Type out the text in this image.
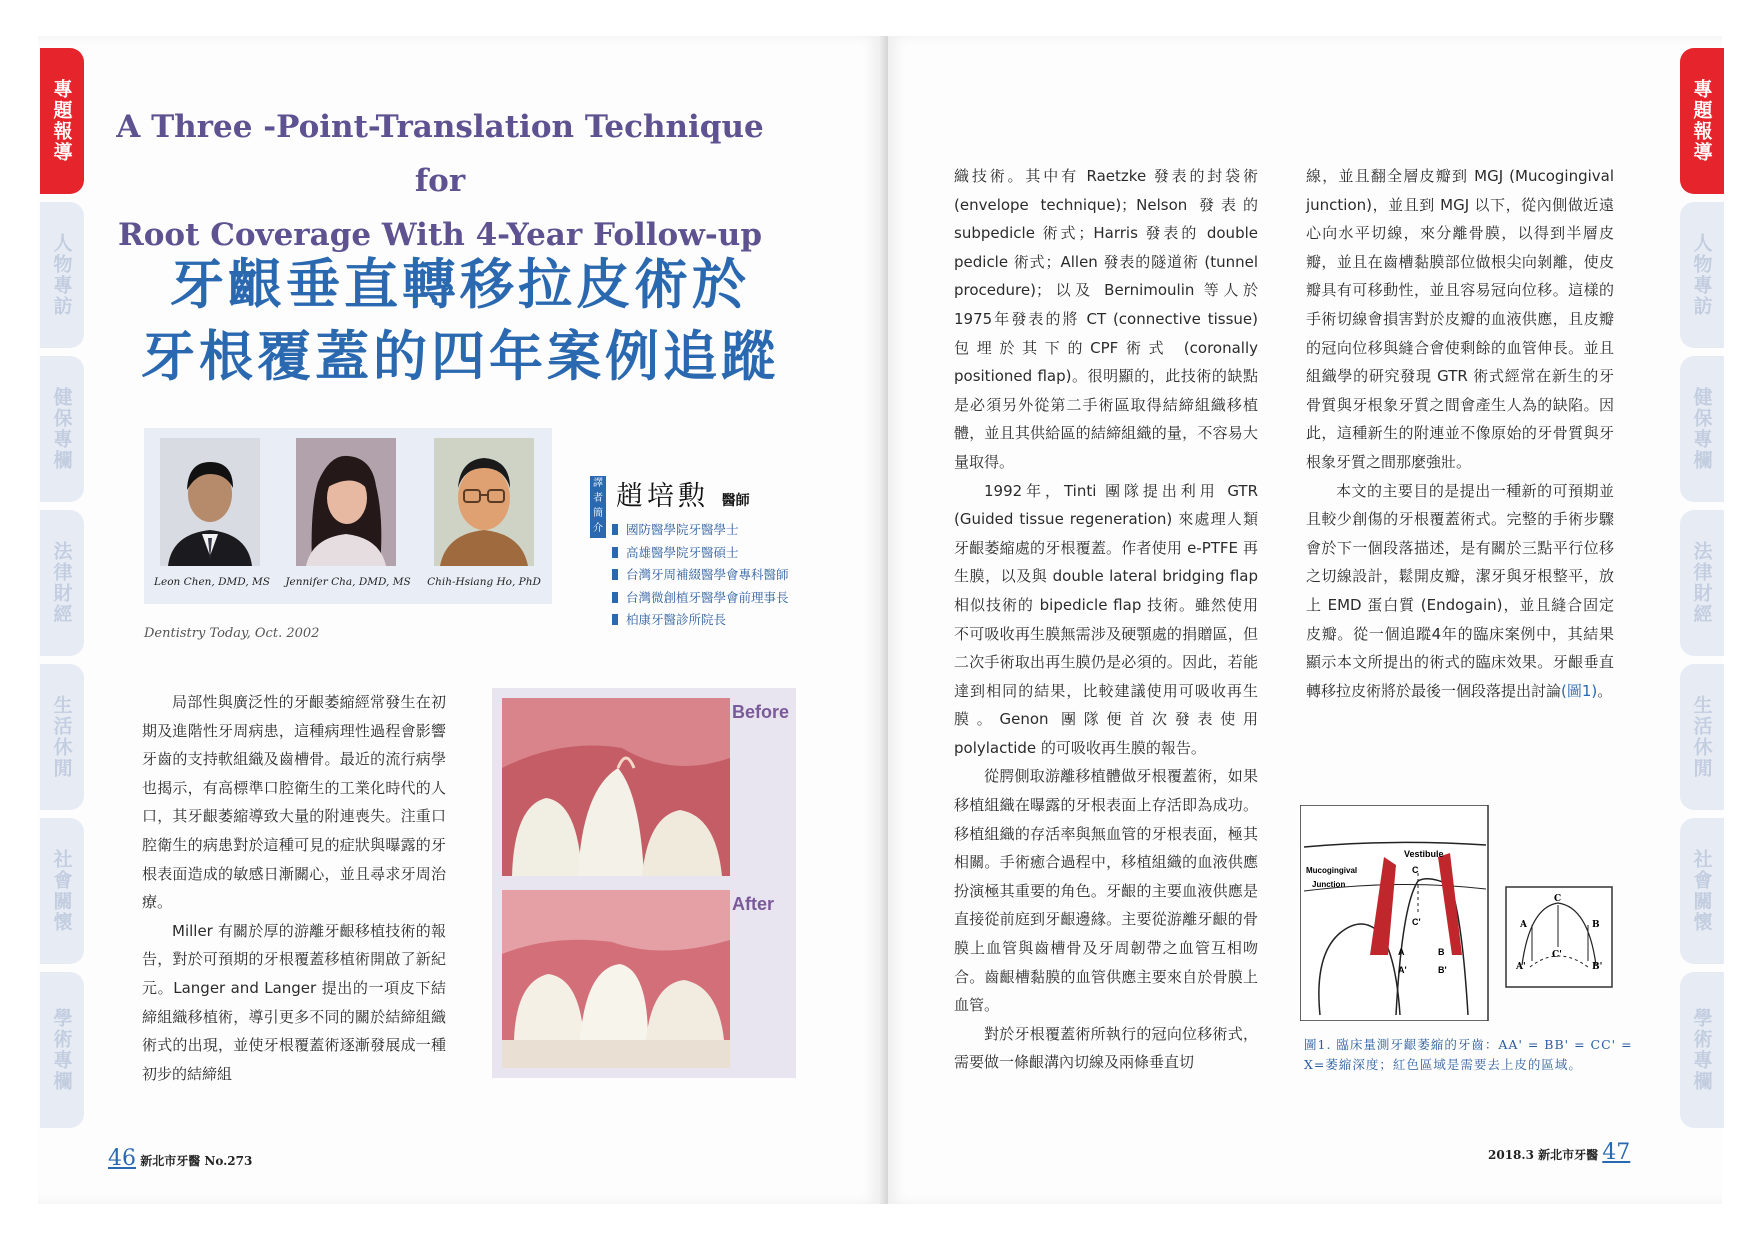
專題報導
人物專訪
健保專欄
法律財經
生活休閒
社會關懷
學術專欄
A Three -Point-Translation Technique for
Root Coverage With 4-Year Follow-up
牙齦垂直轉移拉皮術於
牙根覆蓋的四年案例追蹤
Leon Chen, DMD, MS	Jennifer Cha, DMD, MS	Chih-Hsiang Ho, PhD
Dentistry Today, Oct. 2002
譯者簡介
趙培勲 醫師
國防醫學院牙醫學士
高雄醫學院牙醫碩士
台灣牙周補綴醫學會專科醫師
台灣微創植牙醫學會前理事長
柏康牙醫診所院長

局部性與廣泛性的牙齦萎縮經常發生在初期及進階性牙周病患，這種病理性過程會影響牙齒的支持軟組織及齒槽骨。最近的流行病學也揭示，有高標準口腔衛生的工業化時代的人口，其牙齦萎縮導致大量的附連喪失。注重口腔衛生的病患對於這種可見的症狀與曝露的牙根表面造成的敏感日漸關心，並且尋求牙周治療。

Miller 有關於厚的游離牙齦移植技術的報告，對於可預期的牙根覆蓋移植術開啟了新紀元。Langer and Langer 提出的一項皮下結締組織移植術，導引更多不同的關於結締組織術式的出現，並使牙根覆蓋術逐漸發展成一種初步的結締組

Before
After
46 新北市牙醫 No.273
專題報導
人物專訪
健保專欄
法律財經
生活休閒
社會關懷
學術專欄

織技術。其中有 Raetzke 發表的封袋術 (envelope technique)；Nelson 發表的 subpedicle 術式；Harris 發表的 double pedicle 術式；Allen 發表的隧道術 (tunnel procedure)；以及 Bernimoulin 等人於1975年發表的將 CT (connective tissue) 包埋於其下的CPF術式 (coronally positioned flap)。很明顯的，此技術的缺點是必須另外從第二手術區取得結締組織移植體，並且其供給區的結締組織的量，不容易大量取得。

1992年，Tinti 團隊提出利用 GTR (Guided tissue regeneration) 來處理人類牙齦萎縮處的牙根覆蓋。作者使用 e-PTFE 再生膜，以及與 double lateral bridging flap 相似技術的 bipedicle flap 技術。雖然使用不可吸收再生膜無需涉及硬顎處的捐贈區，但二次手術取出再生膜仍是必須的。因此，若能達到相同的結果，比較建議使用可吸收再生膜。Genon 團隊便首次發表使用 polylactide 的可吸收再生膜的報告。

從腭側取游離移植體做牙根覆蓋術，如果移植組織在曝露的牙根表面上存活即為成功。移植組織的存活率與無血管的牙根表面，極其相關。手術癒合過程中，移植組織的血液供應扮演極其重要的角色。牙齦的主要血液供應是直接從前庭到牙齦邊緣。主要從游離牙齦的骨膜上血管與齒槽骨及牙周韌帶之血管互相吻合。齒齦槽黏膜的血管供應主要來自於骨膜上血管。

對於牙根覆蓋術所執行的冠向位移術式，需要做一條齦溝內切線及兩條垂直切

線，並且翻全層皮瓣到 MGJ (Mucogingival junction)，並且到 MGJ 以下，從內側做近遠心向水平切線，來分離骨膜，以得到半層皮瓣，並且在齒槽黏膜部位做根尖向剝離，使皮瓣具有可移動性，並且容易冠向位移。這樣的手術切線會損害對於皮瓣的血液供應，且皮瓣的冠向位移與縫合會使剩餘的血管伸長。並且組織學的研究發現 GTR 術式經常在新生的牙骨質與牙根象牙質之間會產生人為的缺陷。因此，這種新生的附連並不像原始的牙骨質與牙根象牙質之間那麼強壯。

本文的主要目的是提出一種新的可預期並且較少創傷的牙根覆蓋術式。完整的手術步驟會於下一個段落描述，是有關於三點平行位移之切線設計，鬆開皮瓣，潔牙與牙根整平，放上 EMD 蛋白質 (Endogain)，並且縫合固定皮瓣。從一個追蹤4年的臨床案例中，其結果顯示本文所提出的術式的臨床效果。牙齦垂直轉移拉皮術將於最後一個段落提出討論(圖1)。

C
C'
A
A'
B
B'
Vestibule
Mucogingival
Junction
C
A
A'
B
B'
C'
圖1. 臨床量測牙齦萎縮的牙齒：AA' = BB' = CC' = X=萎縮深度；紅色區域是需要去上皮的區域。
2018.3 新北市牙醫 47
